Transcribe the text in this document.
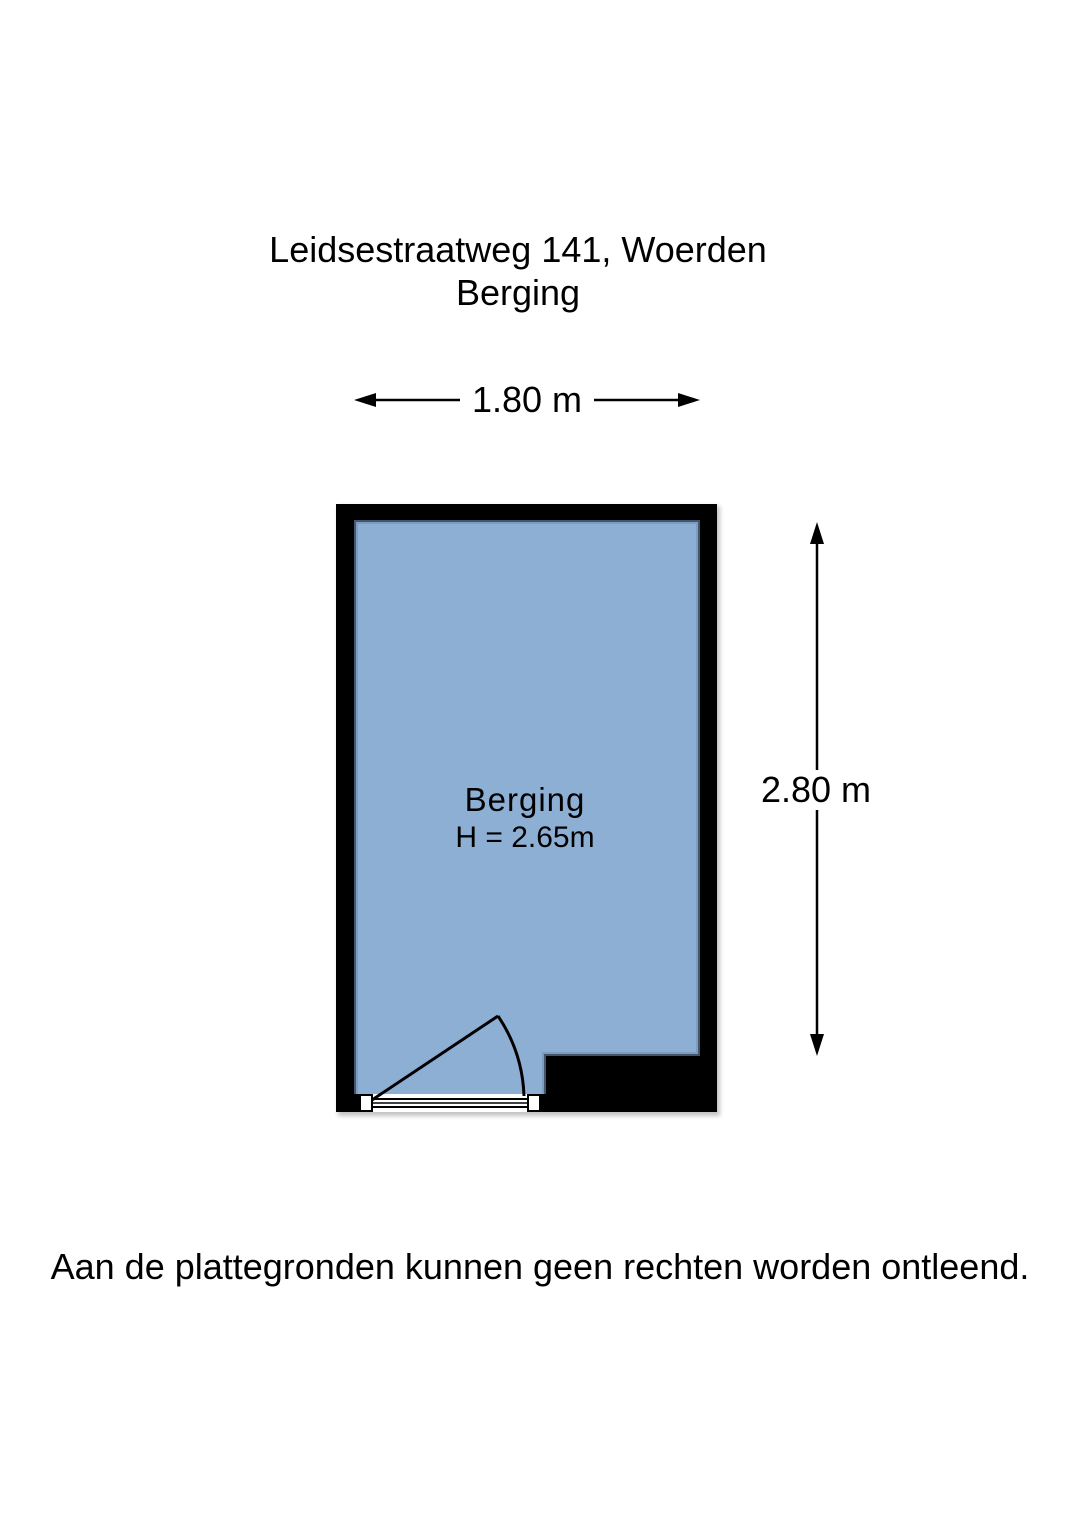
Leidsestraatweg 141, Woerden
Berging
1.80 m
2.80 m
Berging
H = 2.65m
Aan de plattegronden kunnen geen rechten worden ontleend.
